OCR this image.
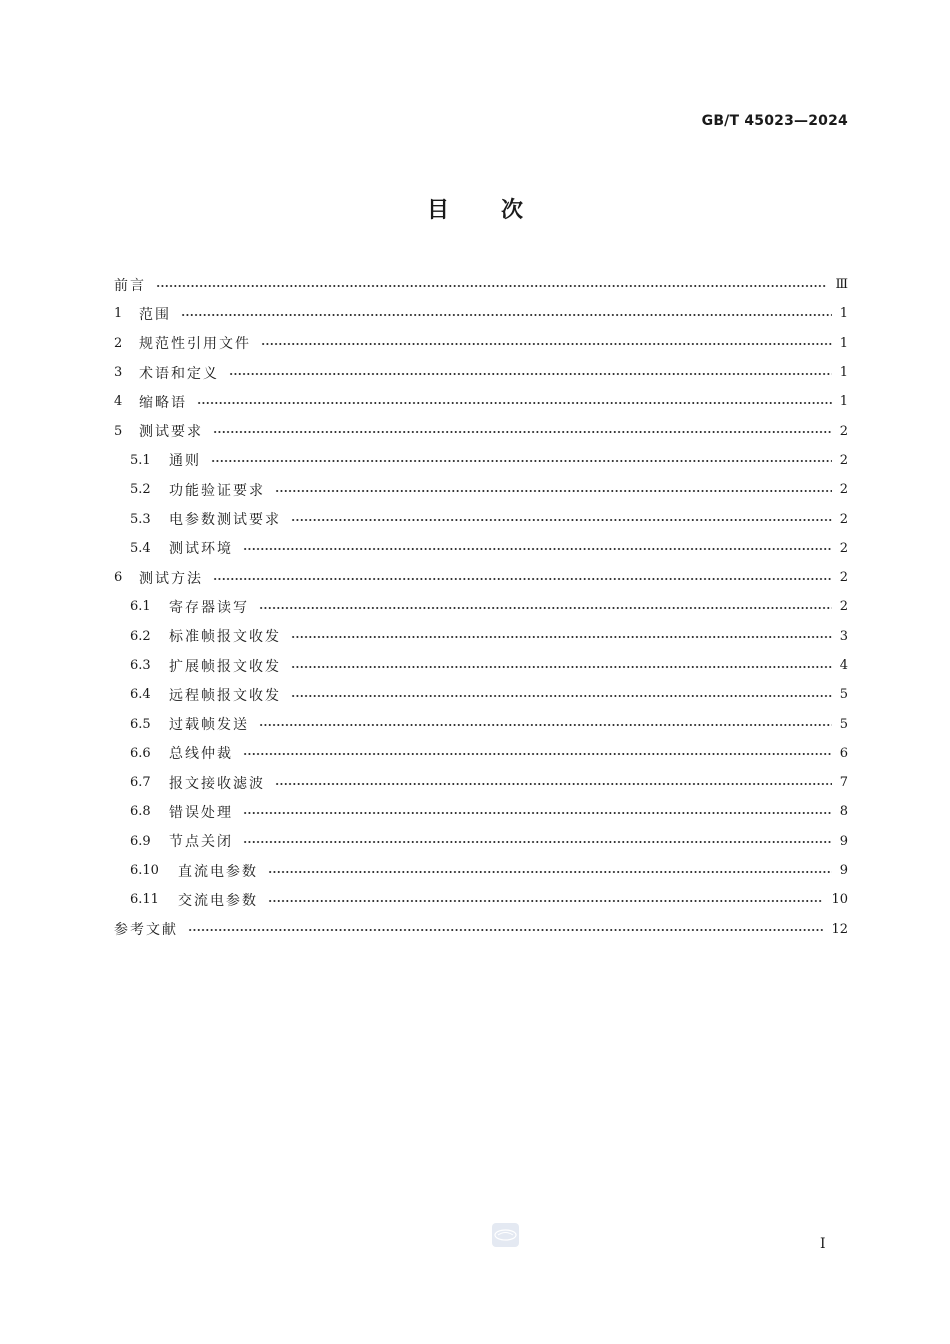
GB/T 45023—2024
目 次
前言	Ⅲ
1	范围	1
2	规范性引用文件	1
3	术语和定义	1
4	缩略语	1
5	测试要求	2
5.1	通则	2
5.2	功能验证要求	2
5.3	电参数测试要求	2
5.4	测试环境	2
6	测试方法	2
6.1	寄存器读写	2
6.2	标准帧报文收发	3
6.3	扩展帧报文收发	4
6.4	远程帧报文收发	5
6.5	过载帧发送	5
6.6	总线仲裁	6
6.7	报文接收滤波	7
6.8	错误处理	8
6.9	节点关闭	9
6.10	直流电参数	9
6.11	交流电参数	10
参考文献	12
I
